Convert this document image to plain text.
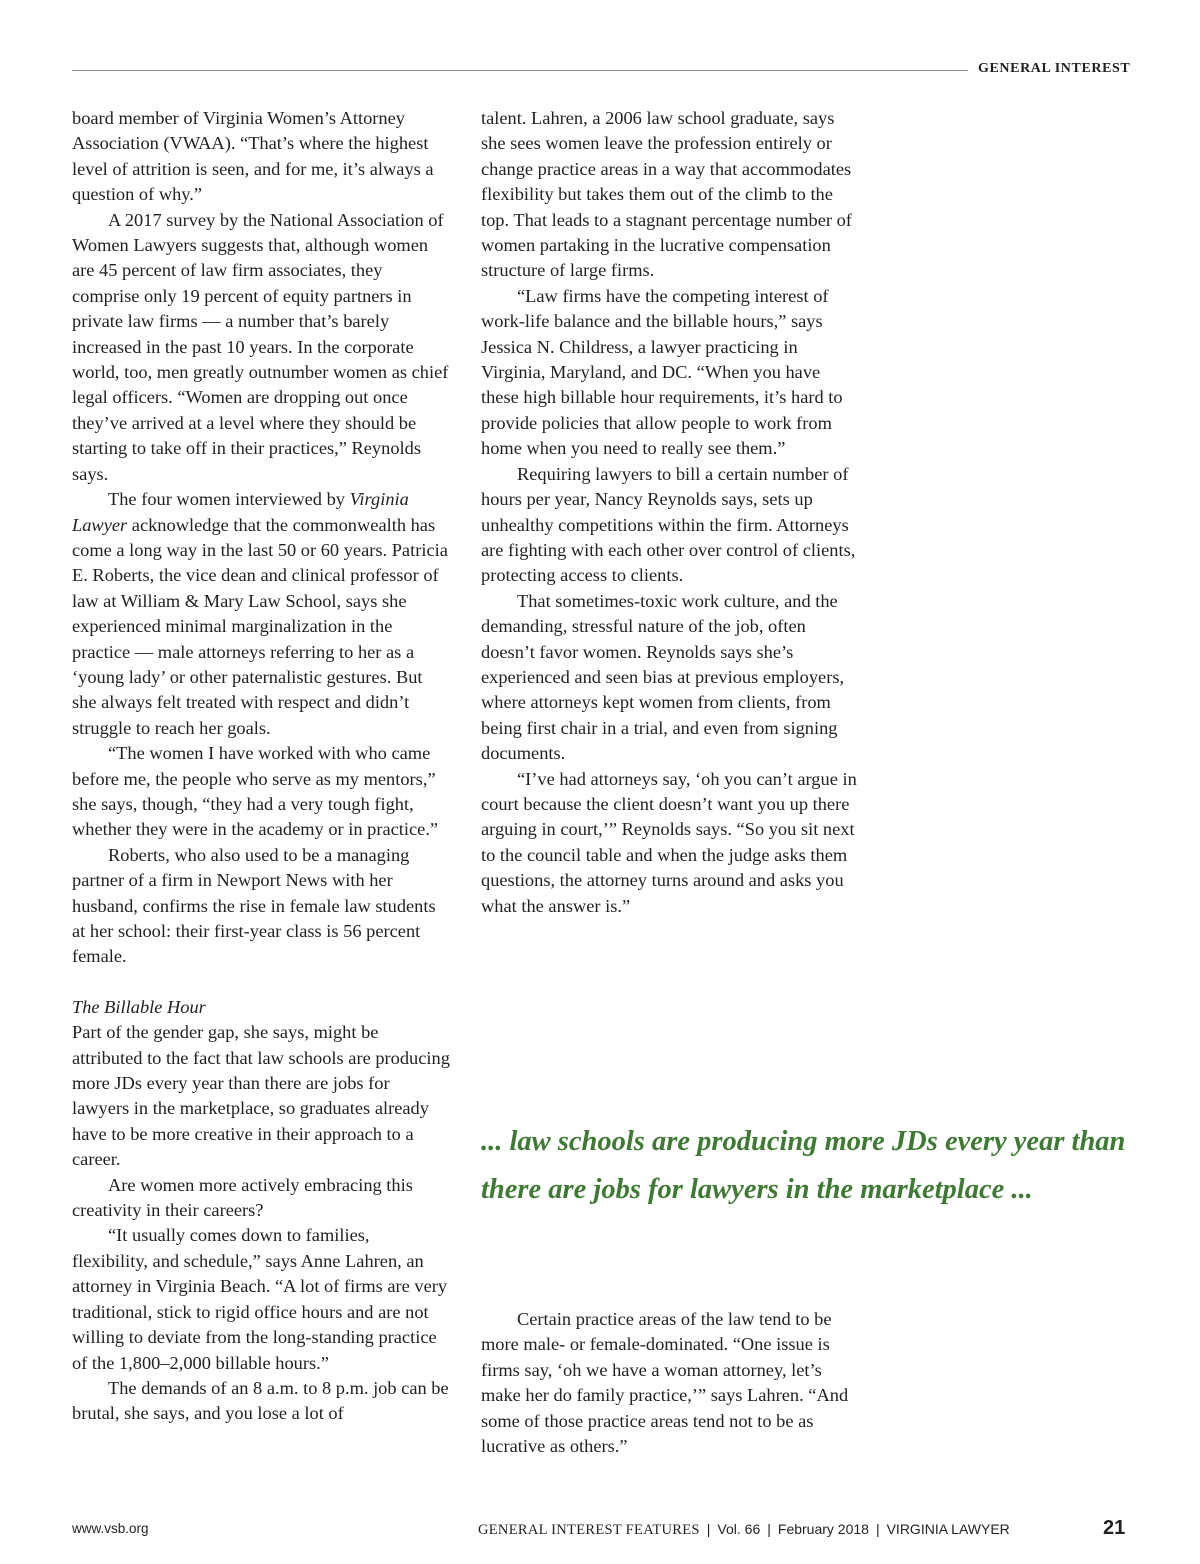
GENERAL INTEREST

board member of Virginia Women’s Attorney Association (VWAA). “That’s where the highest level of attrition is seen, and for me, it’s always a question of why.”

A 2017 survey by the National Association of Women Lawyers suggests that, although women are 45 percent of law firm associates, they comprise only 19 percent of equity partners in private law firms — a number that’s barely increased in the past 10 years. In the corporate world, too, men greatly outnumber women as chief legal officers. “Women are dropping out once they’ve arrived at a level where they should be starting to take off in their practices,” Reynolds says.

The four women interviewed by Virginia Lawyer acknowledge that the commonwealth has come a long way in the last 50 or 60 years. Patricia E. Roberts, the vice dean and clinical professor of law at William & Mary Law School, says she experienced minimal marginalization in the practice — male attorneys referring to her as a ‘young lady’ or other paternalistic gestures. But she always felt treated with respect and didn’t struggle to reach her goals.

“The women I have worked with who came before me, the people who serve as my mentors,” she says, though, “they had a very tough fight, whether they were in the academy or in practice.”

Roberts, who also used to be a managing partner of a firm in Newport News with her husband, confirms the rise in female law students at her school: their first-year class is 56 percent female.

The Billable Hour

Part of the gender gap, she says, might be attributed to the fact that law schools are producing more JDs every year than there are jobs for lawyers in the marketplace, so graduates already have to be more creative in their approach to a career.

Are women more actively embracing this creativity in their careers?

“It usually comes down to families, flexibility, and schedule,” says Anne Lahren, an attorney in Virginia Beach. “A lot of firms are very traditional, stick to rigid office hours and are not willing to deviate from the long-standing practice of the 1,800–2,000 billable hours.”

The demands of an 8 a.m. to 8 p.m. job can be brutal, she says, and you lose a lot of

talent. Lahren, a 2006 law school graduate, says she sees women leave the profession entirely or change practice areas in a way that accommodates flexibility but takes them out of the climb to the top. That leads to a stagnant percentage number of women partaking in the lucrative compensation structure of large firms.

“Law firms have the competing interest of work-life balance and the billable hours,” says Jessica N. Childress, a lawyer practicing in Virginia, Maryland, and DC. “When you have these high billable hour requirements, it’s hard to provide policies that allow people to work from home when you need to really see them.”

Requiring lawyers to bill a certain number of hours per year, Nancy Reynolds says, sets up unhealthy competitions within the firm. Attorneys are fighting with each other over control of clients, protecting access to clients.

That sometimes-toxic work culture, and the demanding, stressful nature of the job, often doesn’t favor women. Reynolds says she’s experienced and seen bias at previous employers, where attorneys kept women from clients, from being first chair in a trial, and even from signing documents.

“I’ve had attorneys say, ‘oh you can’t argue in court because the client doesn’t want you up there arguing in court,’” Reynolds says. “So you sit next to the council table and when the judge asks them questions, the attorney turns around and asks you what the answer is.”

... law schools are producing more JDs every year than
there are jobs for lawyers in the marketplace ...

Certain practice areas of the law tend to be more male- or female-dominated. “One issue is firms say, ‘oh we have a woman attorney, let’s make her do family practice,’” says Lahren. “And some of those practice areas tend not to be as lucrative as others.”

www.vsb.org	GENERAL INTEREST FEATURES | Vol. 66 | February 2018 | VIRGINIA LAWYER	21
